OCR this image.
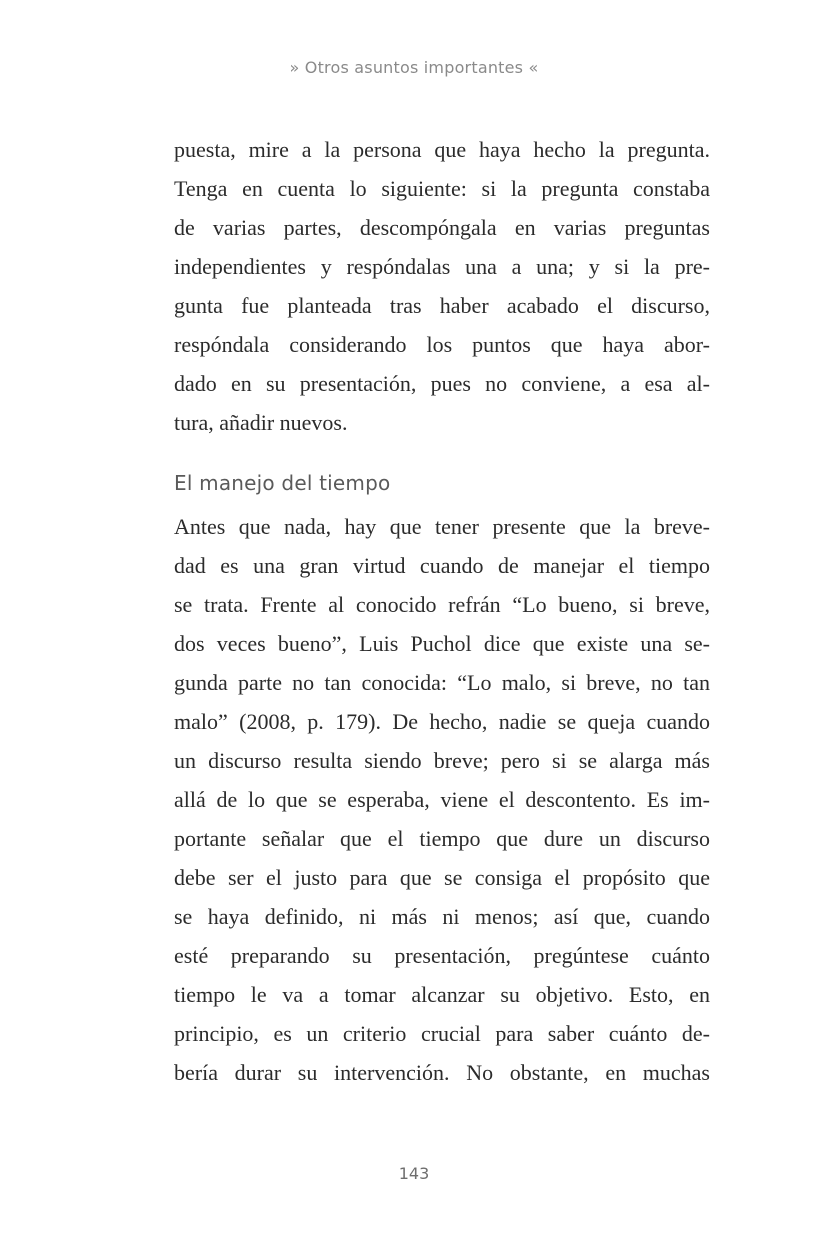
» Otros asuntos importantes «
puesta, mire a la persona que haya hecho la pregunta.
Tenga en cuenta lo siguiente: si la pregunta constaba
de varias partes, descompóngala en varias preguntas
independientes y respóndalas una a una; y si la pre-
gunta fue planteada tras haber acabado el discurso,
respóndala considerando los puntos que haya abor-
dado en su presentación, pues no conviene, a esa al-
tura, añadir nuevos.
El manejo del tiempo
Antes que nada, hay que tener presente que la breve-
dad es una gran virtud cuando de manejar el tiempo
se trata. Frente al conocido refrán “Lo bueno, si breve,
dos veces bueno”, Luis Puchol dice que existe una se-
gunda parte no tan conocida: “Lo malo, si breve, no tan
malo” (2008, p. 179). De hecho, nadie se queja cuando
un discurso resulta siendo breve; pero si se alarga más
allá de lo que se esperaba, viene el descontento. Es im-
portante señalar que el tiempo que dure un discurso
debe ser el justo para que se consiga el propósito que
se haya definido, ni más ni menos; así que, cuando
esté preparando su presentación, pregúntese cuánto
tiempo le va a tomar alcanzar su objetivo. Esto, en
principio, es un criterio crucial para saber cuánto de-
bería durar su intervención. No obstante, en muchas
143
